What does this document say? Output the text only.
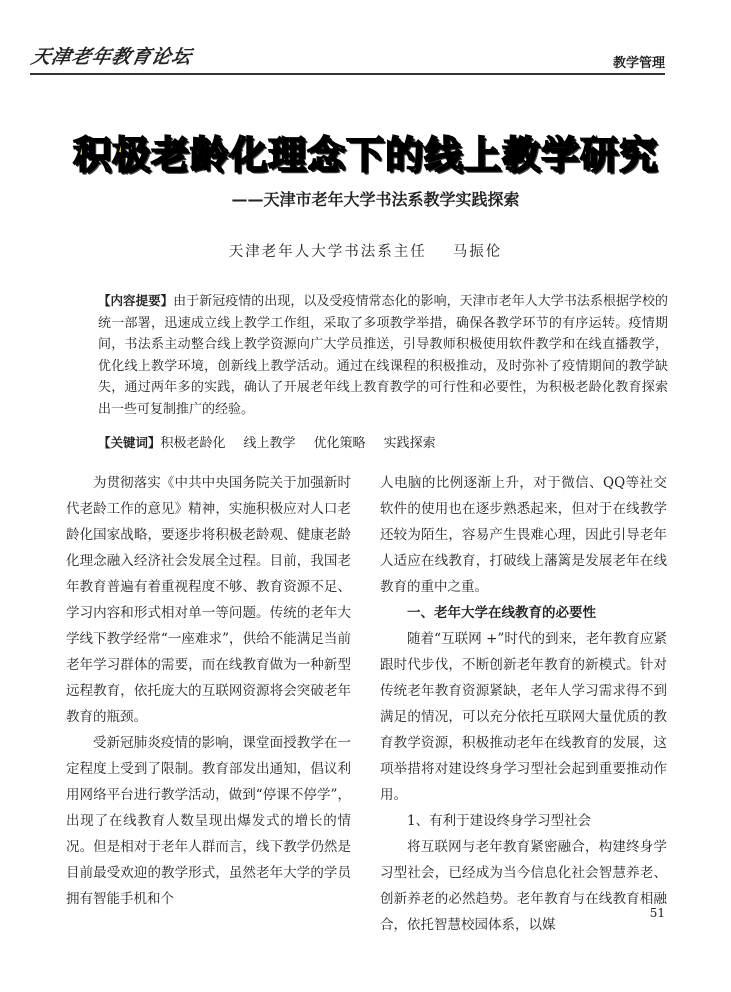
天津老年教育论坛	教学管理
积极老龄化理念下的线上教学研究
——天津市老年大学书法系教学实践探索
天津老年人大学书法系主任 马振伦
【内容提要】由于新冠疫情的出现，以及受疫情常态化的影响，天津市老年人大学书法系根据学校的统一部署，迅速成立线上教学工作组，采取了多项教学举措，确保各教学环节的有序运转。疫情期间，书法系主动整合线上教学资源向广大学员推送，引导教师积极使用软件教学和在线直播教学，优化线上教学环境，创新线上教学活动。通过在线课程的积极推动，及时弥补了疫情期间的教学缺失，通过两年多的实践，确认了开展老年线上教育教学的可行性和必要性，为积极老龄化教育探索出一些可复制推广的经验。
【关键词】积极老龄化 线上教学 优化策略 实践探索

为贯彻落实《中共中央国务院关于加强新时代老龄工作的意见》精神，实施积极应对人口老龄化国家战略，要逐步将积极老龄观、健康老龄化理念融入经济社会发展全过程。目前，我国老年教育普遍有着重视程度不够、教育资源不足、学习内容和形式相对单一等问题。传统的老年大学线下教学经常“一座难求”，供给不能满足当前老年学习群体的需要，而在线教育做为一种新型远程教育，依托庞大的互联网资源将会突破老年教育的瓶颈。

受新冠肺炎疫情的影响，课堂面授教学在一定程度上受到了限制。教育部发出通知，倡议利用网络平台进行教学活动，做到“停课不停学”，出现了在线教育人数呈现出爆发式的增长的情况。但是相对于老年人群而言，线下教学仍然是目前最受欢迎的教学形式，虽然老年大学的学员拥有智能手机和个

人电脑的比例逐渐上升，对于微信、QQ等社交软件的使用也在逐步熟悉起来，但对于在线教学还较为陌生，容易产生畏难心理，因此引导老年人适应在线教育，打破线上藩篱是发展老年在线教育的重中之重。

一、老年大学在线教育的必要性

随着“互联网 +”时代的到来，老年教育应紧跟时代步伐，不断创新老年教育的新模式。针对传统老年教育资源紧缺，老年人学习需求得不到满足的情况，可以充分依托互联网大量优质的教育教学资源，积极推动老年在线教育的发展，这项举措将对建设终身学习型社会起到重要推动作用。

1、有利于建设终身学习型社会

将互联网与老年教育紧密融合，构建终身学习型社会，已经成为当今信息化社会智慧养老、创新养老的必然趋势。老年教育与在线教育相融合，依托智慧校园体系，以媒

51
